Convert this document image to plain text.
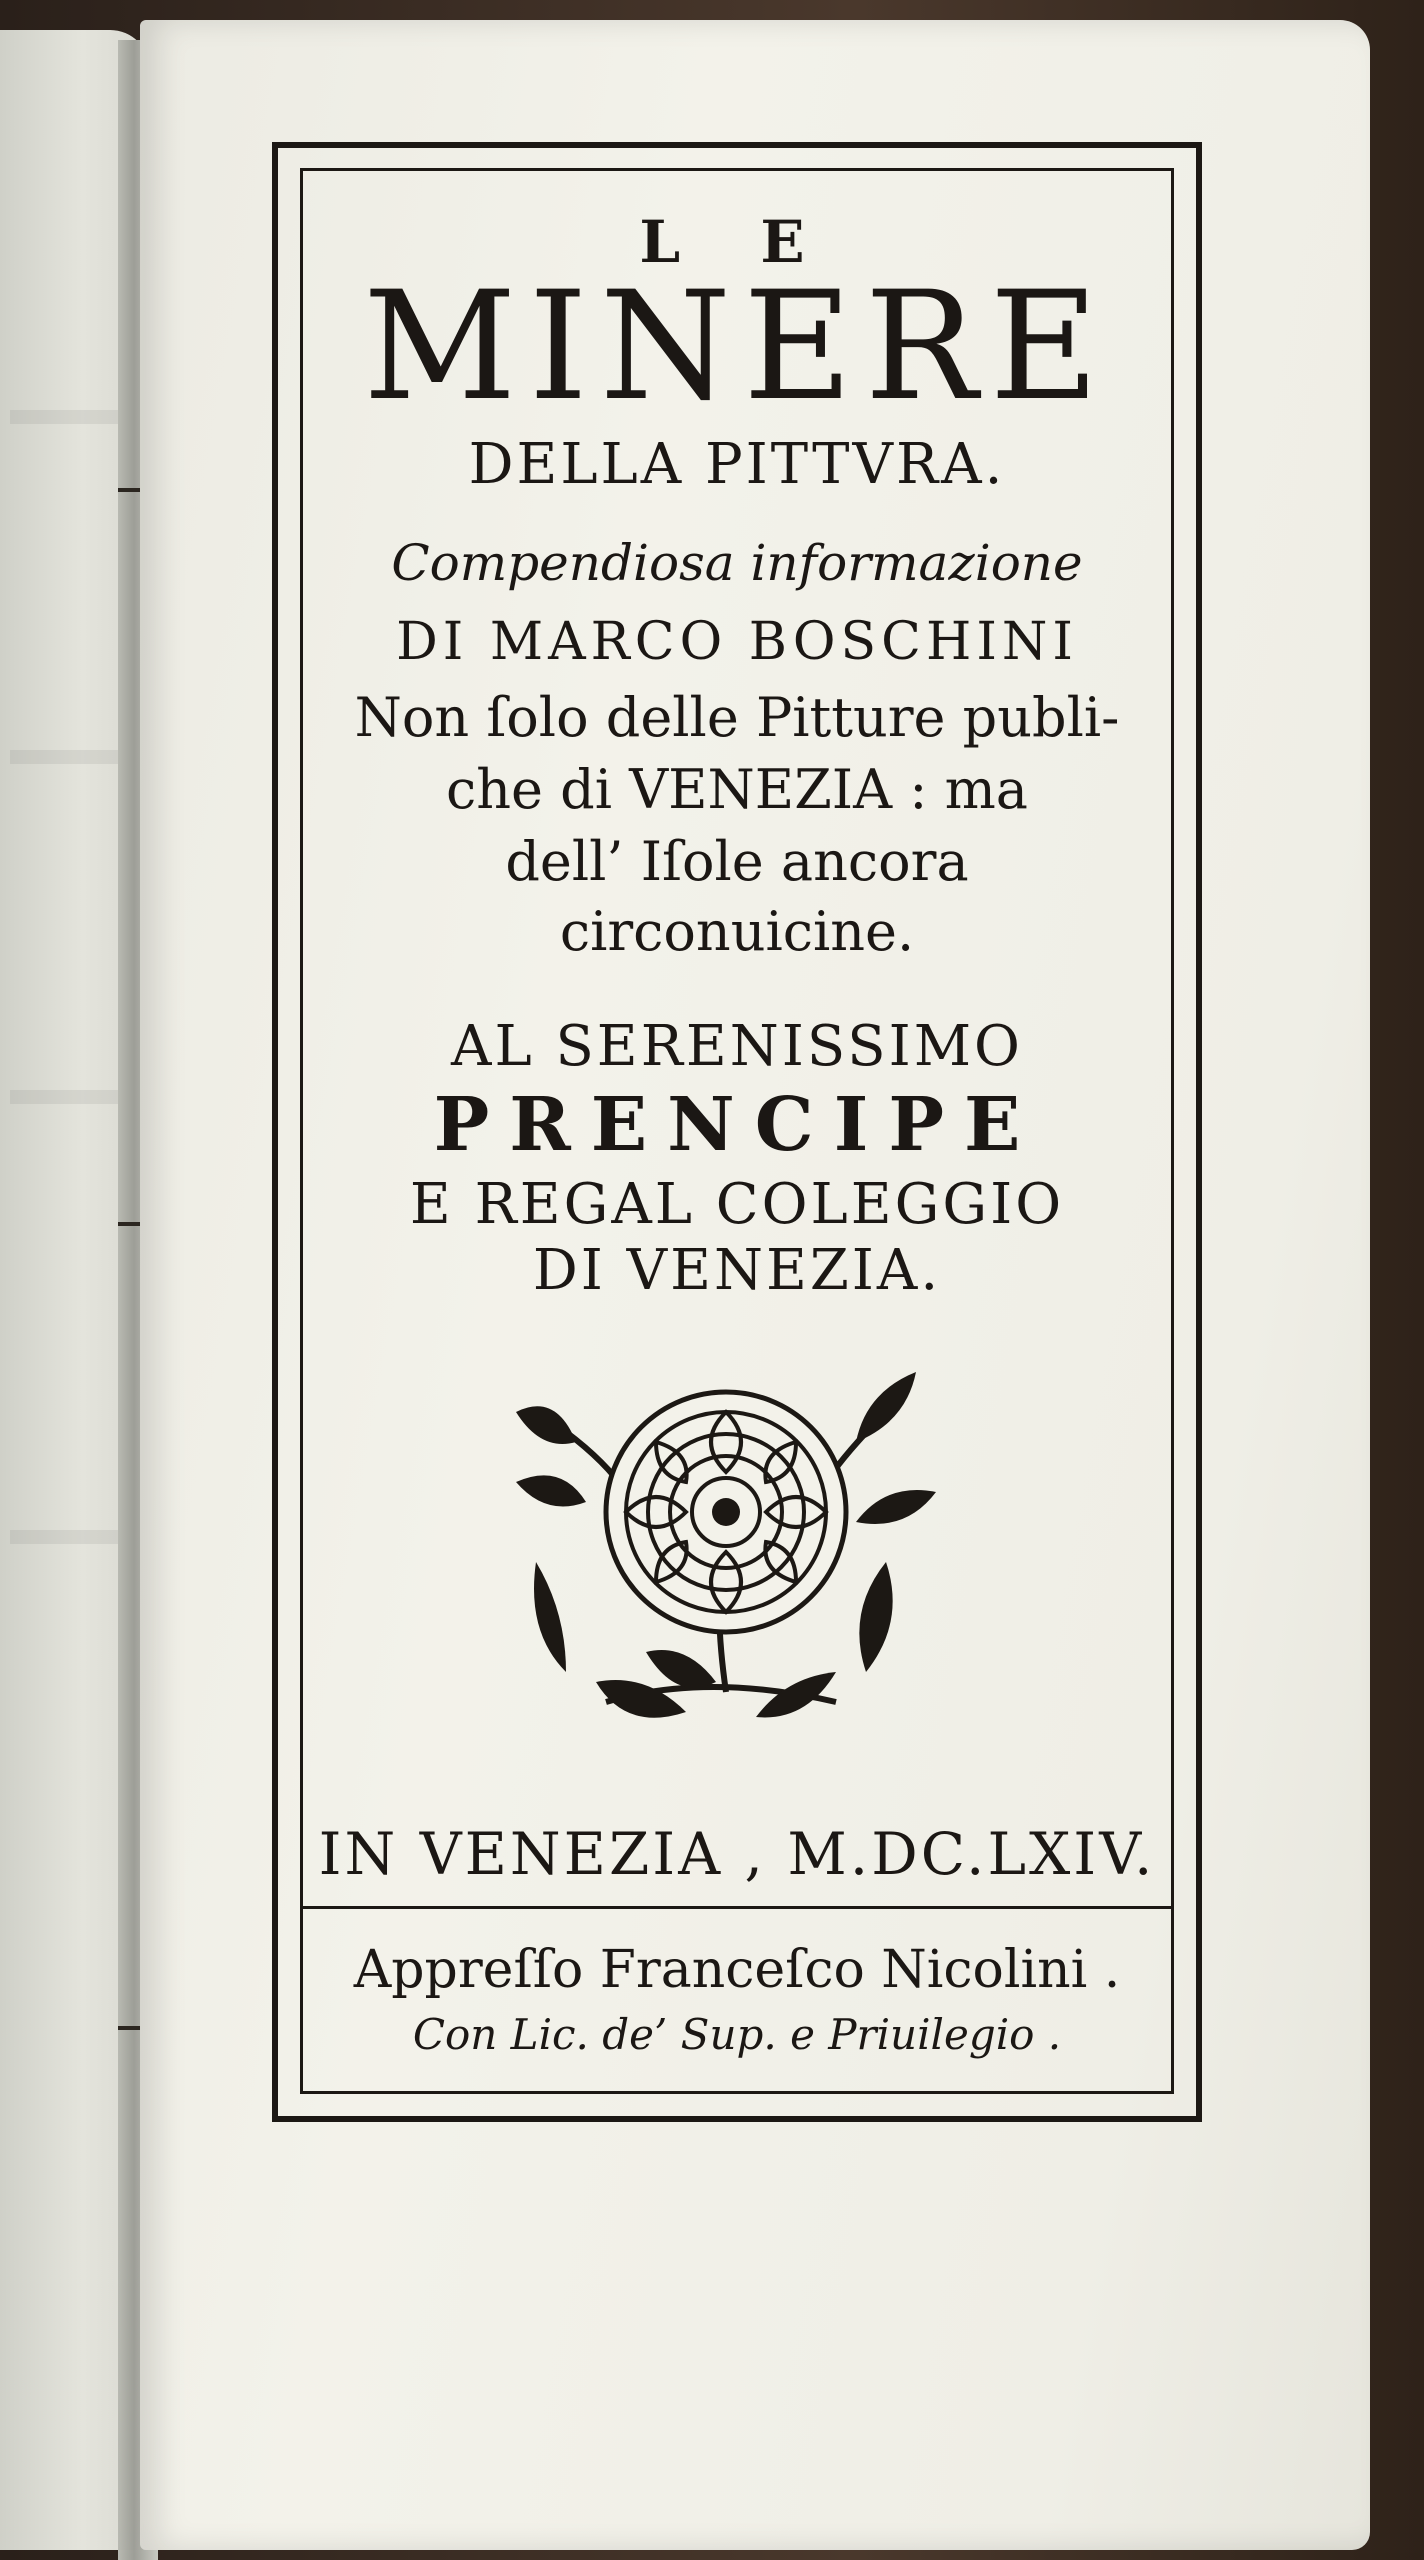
L E
MINERE
DELLA PITTVRA.
Compendiosa informazione
DI MARCO BOSCHINI
Non ſolo delle Pitture publi-
che di VENEZIA : ma
dell’ Iſole ancora
circonuicine.
AL SERENISSIMO
PRENCIPE
E REGAL COLEGGIO
DI VENEZIA.
IN VENEZIA , M.DC.LXIV.
Appreſſo Franceſco Nicolini .
Con Lic. de’ Sup. e Priuilegio .
